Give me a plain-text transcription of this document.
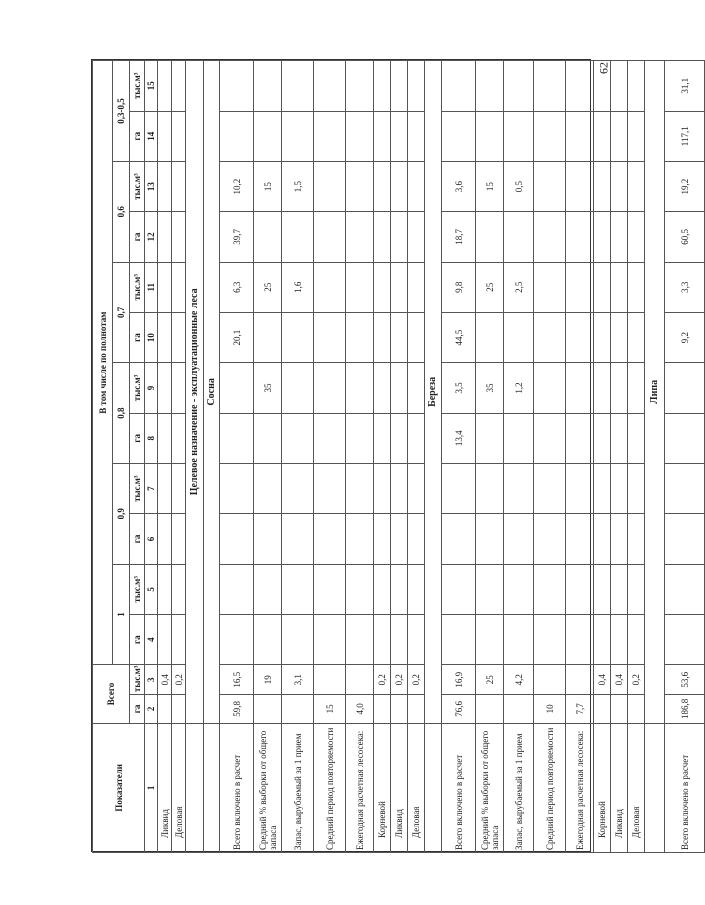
62
Показатели	Всего		В том числе по полнотам											
			1		0,9		0,8		0,7		0,6		0,3-0,5	
	га	тыс.м³	га	тыс.м³	га	тыс.м³	га	тыс.м³	га	тыс.м³	га	тыс.м³	га	тыс.м³
1	2	3	4	5	6	7	8	9	10	11	12	13	14	15
Ликвид		0,4												
Деловая		0,2												
	Целевое назначение - эксплуатационные леса													
	Сосна													
Всего включено в расчет	59,8	16,5							20,1	6,3	39,7	10,2		
Средний % выборки от общего запаса		19						35		25		15		
Запас, вырубаемый за 1 прием		3,1								1,6		1,5		
Средний период повторяемости	15													
Ежегодная расчетная лесосека:	4,0													
Корневой		0,2												
Ликвид		0,2												
Деловая		0,2												
	Береза													
Всего включено в расчет	76,6	16,9					13,4	3,5	44,5	9,8	18,7	3,6		
Средний % выборки от общего запаса		25						35		25		15		
Запас, вырубаемый за 1 прием		4,2						1,2		2,5		0,5		
Средний период повторяемости	10													
Ежегодная расчетная лесосека:	7,7													
Корневой		0,4												
Ликвид		0,4												
Деловая		0,2												
	Липа													
Всего включено в расчет	186,8	53,6							9,2	3,3	60,5	19,2	117,1	31,1
